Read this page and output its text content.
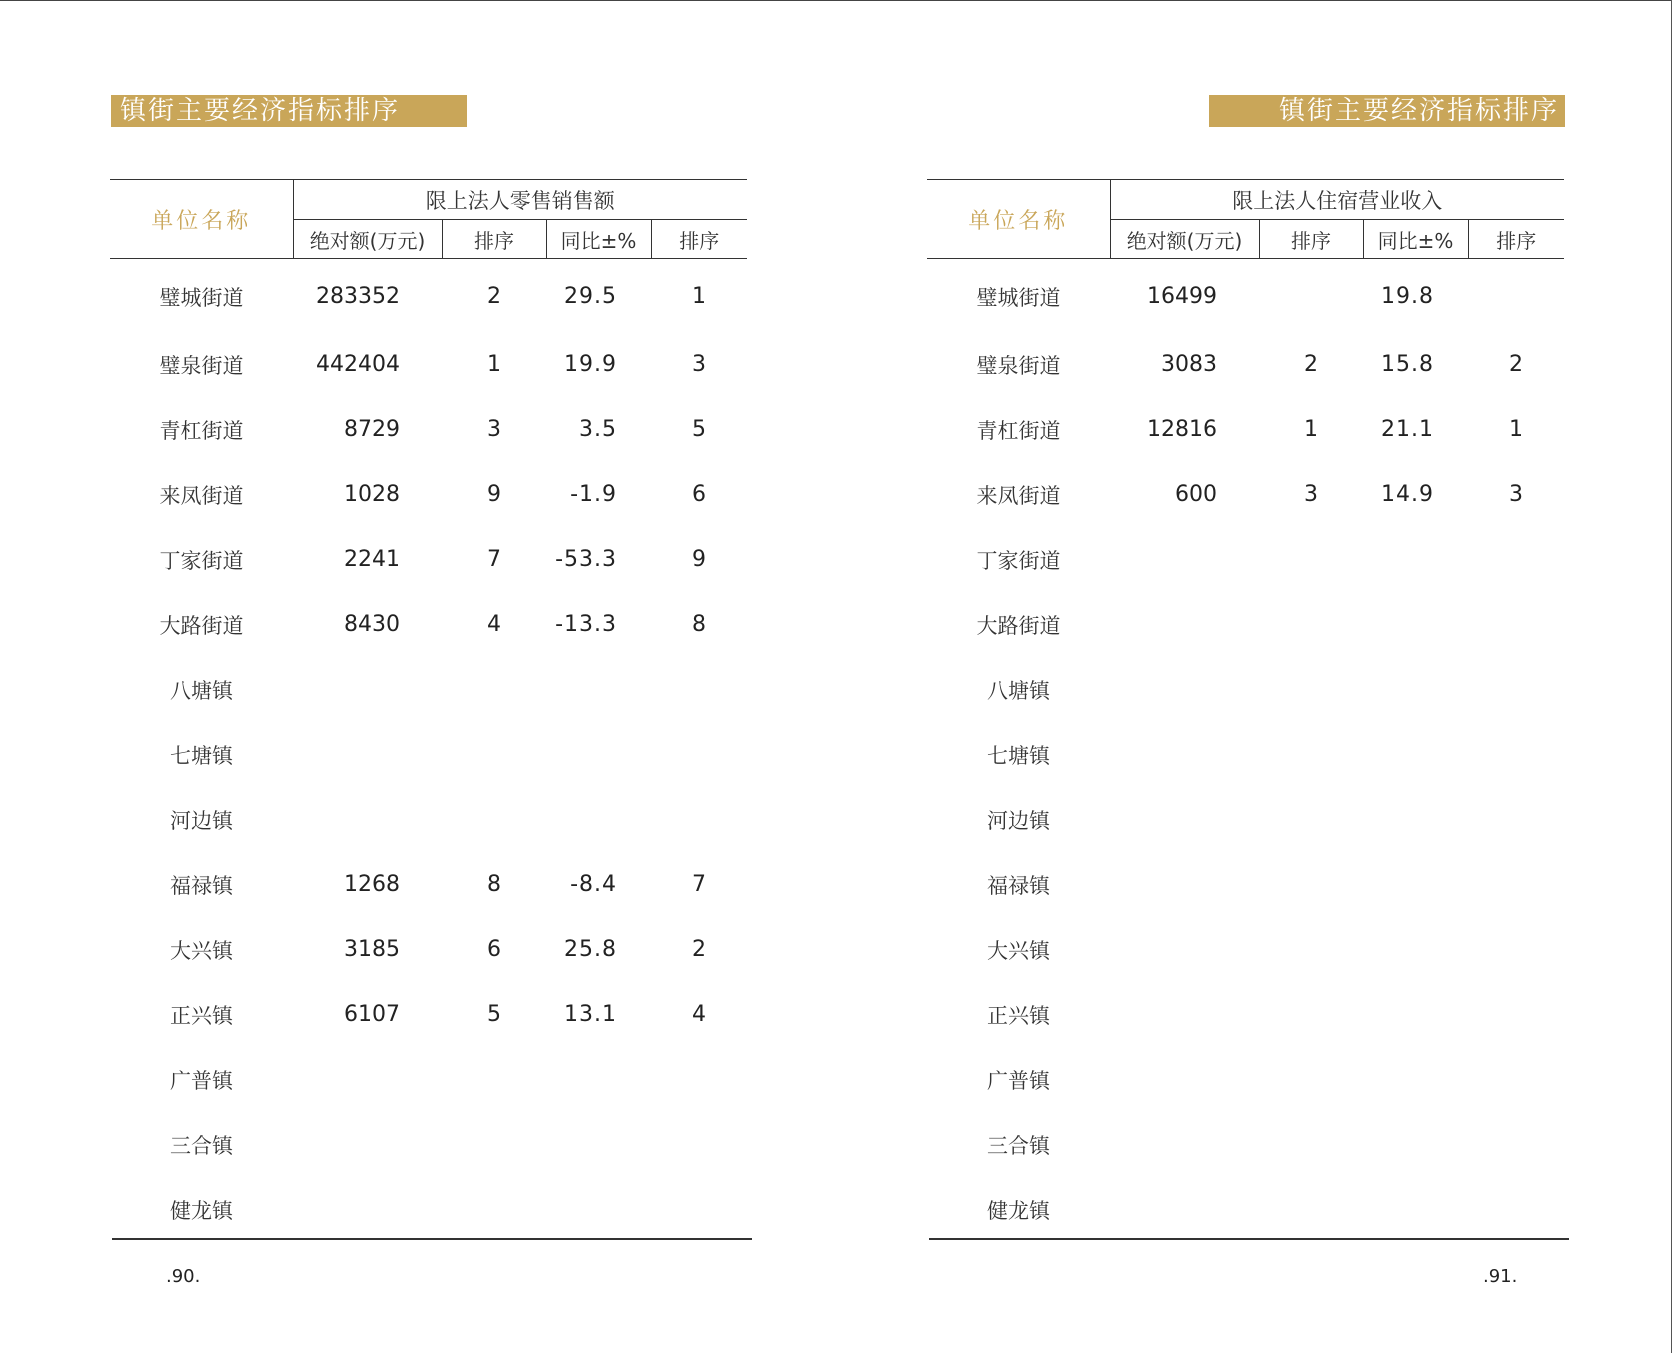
镇街主要经济指标排序
单位名称	限上法人零售销售额			
	绝对额(万元)	排序	同比±%	排序
璧城街道	283352	2	29.5	1
璧泉街道	442404	1	19.9	3
青杠街道	8729	3	3.5	5
来凤街道	1028	9	-1.9	6
丁家街道	2241	7	-53.3	9
大路街道	8430	4	-13.3	8
八塘镇				
七塘镇				
河边镇				
福禄镇	1268	8	-8.4	7
大兴镇	3185	6	25.8	2
正兴镇	6107	5	13.1	4
广普镇				
三合镇				
健龙镇				
.90.
镇街主要经济指标排序
单位名称	限上法人住宿营业收入			
	绝对额(万元)	排序	同比±%	排序
璧城街道	16499		19.8	
璧泉街道	3083	2	15.8	2
青杠街道	12816	1	21.1	1
来凤街道	600	3	14.9	3
丁家街道				
大路街道				
八塘镇				
七塘镇				
河边镇				
福禄镇				
大兴镇				
正兴镇				
广普镇				
三合镇				
健龙镇				
.91.
